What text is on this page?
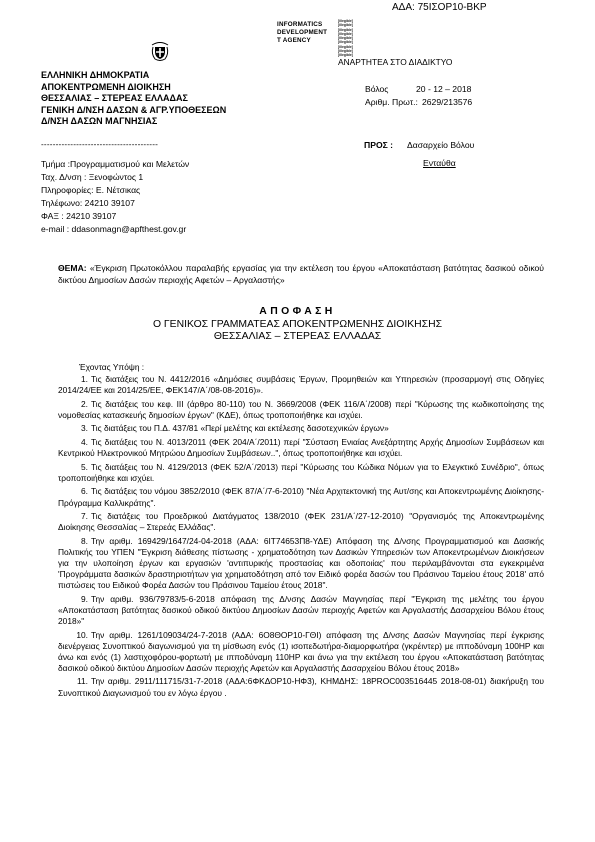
ΑΔΑ: 75ΙΣΟΡ10-ΒΚΡ
INFORMATICS
DEVELOPMENT
T AGENCY
[illegible]
[illegible]
[illegible]
[illegible]
[illegible]
[illegible]
[illegible]
[illegible]
[illegible]
ΑΝΑΡΤΗΤΕΑ ΣΤΟ ΔΙΑΔΙΚΤΥΟ
ΕΛΛΗΝΙΚΗ ΔΗΜΟΚΡΑΤΙΑ
ΑΠΟΚΕΝΤΡΩΜΕΝΗ ΔΙΟΙΚΗΣΗ
ΘΕΣΣΑΛΙΑΣ – ΣΤΕΡΕΑΣ ΕΛΛΑΔΑΣ
ΓΕΝΙΚΗ Δ/ΝΣΗ ΔΑΣΩΝ & ΑΓΡ.ΥΠΟΘΕΣΕΩΝ
Δ/ΝΣΗ ΔΑΣΩΝ ΜΑΓΝΗΣΙΑΣ
----------------------------------------
Βόλος	20 - 12 – 2018
Αριθμ. Πρωτ.: 2629/213576
ΠΡΟΣ : Δασαρχείο Βόλου
Ενταύθα
Τμήμα :Προγραμματισμού και Μελετών
Ταχ. Δ/νση : Ξενοφώντος 1
Πληροφορίες: Ε. Νέτσικας
Τηλέφωνο: 24210 39107
ΦΑΞ : 24210 39107
e-mail : ddasonmagn@apfthest.gov.gr
ΘΕΜΑ: «Έγκριση Πρωτοκόλλου παραλαβής εργασίας για την εκτέλεση του έργου «Αποκατάσταση βατότητας δασικού οδικού δικτύου Δημοσίων Δασών περιοχής Αφετών – Αργαλαστής»
ΑΠΟΦΑΣΗ
Ο ΓΕΝΙΚΟΣ ΓΡΑΜΜΑΤΕΑΣ ΑΠΟΚΕΝΤΡΩΜΕΝΗΣ ΔΙΟΙΚΗΣΗΣ
ΘΕΣΣΑΛΙΑΣ – ΣΤΕΡΕΑΣ ΕΛΛΑΔΑΣ

Έχοντας Υπόψη :

1. Τις διατάξεις του Ν. 4412/2016 «Δημόσιες συμβάσεις Έργων, Προμηθειών και Υπηρεσιών (προσαρμογή στις Οδηγίες 2014/24/ΕΕ και 2014/25/ΕΕ, ΦΕΚ147/Α΄/08-08-2016)».

2. Τις διατάξεις του κεφ. ΙΙΙ (άρθρο 80-110) του Ν. 3669/2008 (ΦΕΚ 116/Α΄/2008) περί "Κύρωσης της κωδικοποίησης της νομοθεσίας κατασκευής δημοσίων έργων" (ΚΔΕ), όπως τροποποιήθηκε και ισχύει.

3. Τις διατάξεις του Π.Δ. 437/81 «Περί μελέτης και εκτέλεσης δασοτεχνικών έργων»

4. Τις διατάξεις του Ν. 4013/2011 (ΦΕΚ 204/Α΄/2011) περί "Σύσταση Ενιαίας Ανεξάρτητης Αρχής Δημοσίων Συμβάσεων και Κεντρικού Ηλεκτρονικού Μητρώου Δημοσίων Συμβάσεων..", όπως τροποποιήθηκε και ισχύει.

5. Τις διατάξεις του Ν. 4129/2013 (ΦΕΚ 52/Α΄/2013) περί "Κύρωσης του Κώδικα Νόμων για το Ελεγκτικό Συνέδριο", όπως τροποποιήθηκε και ισχύει.

6. Τις διατάξεις του νόμου 3852/2010 (ΦΕΚ 87/Α΄/7-6-2010) "Νέα Αρχιτεκτονική της Αυτ/σης και Αποκεντρωμένης Διοίκησης- Πρόγραμμα Καλλικράτης".

7. Τις διατάξεις του Προεδρικού Διατάγματος 138/2010 (ΦΕΚ 231/Α΄/27-12-2010) "Οργανισμός της Αποκεντρωμένης Διοίκησης Θεσσαλίας – Στερεάς Ελλάδας".

8. Την αριθμ. 169429/1647/24-04-2018 (ΑΔΑ: 6ΙΤ74653Π8-ΥΔΕ) Απόφαση της Δ/νσης Προγραμματισμού και Δασικής Πολιτικής του ΥΠΕΝ "Έγκριση διάθεσης πίστωσης - χρηματοδότηση των Δασικών Υπηρεσιών των Αποκεντρωμένων Διοικήσεων για την υλοποίηση έργων και εργασιών 'αντιπυρικής προστασίας και οδοποιίας' που περιλαμβάνονται στα εγκεκριμένα 'Προγράμματα δασικών δραστηριοτήτων για χρηματοδότηση από τον Ειδικό φορέα δασών του Πράσινου Ταμείου έτους 2018' από πιστώσεις του Ειδικού Φορέα Δασών του Πράσινου Ταμείου έτους 2018".

9. Την αριθμ. 936/79783/5-6-2018 απόφαση της Δ/νσης Δασών Μαγνησίας περί "Έγκριση της μελέτης του έργου «Αποκατάσταση βατότητας δασικού οδικού δικτύου Δημοσίων Δασών περιοχής Αφετών και Αργαλαστής Δασαρχείου Βόλου έτους 2018»"

10. Την αριθμ. 1261/109034/24-7-2018 (ΑΔΑ: 6Ο8ΘΟΡ10-ΓΘΙ) απόφαση της Δ/νσης Δασών Μαγνησίας περί έγκρισης διενέργειας Συνοπτικού διαγωνισμού για τη μίσθωση ενός (1) ισοπεδωτήρα-διαμορφωτήρα (γκρέιντερ) με ιπποδύναμη 100ΗΡ και άνω και ενός (1) λαστιχοφόρου-φορτωτή με ιπποδύναμη 110ΗΡ και άνω για την εκτέλεση του έργου «Αποκατάσταση βατότητας δασικού οδικού δικτύου Δημοσίων Δασών περιοχής Αφετών και Αργαλαστής Δασαρχείου Βόλου έτους 2018»

11. Την αριθμ. 2911/111715/31-7-2018 (ΑΔΑ:6ΦΚΔΟΡ10-ΗΦ3), ΚΗΜΔΗΣ: 18PROC003516445 2018-08-01) διακήρυξη του Συνοπτικού Διαγωνισμού του εν λόγω έργου .
